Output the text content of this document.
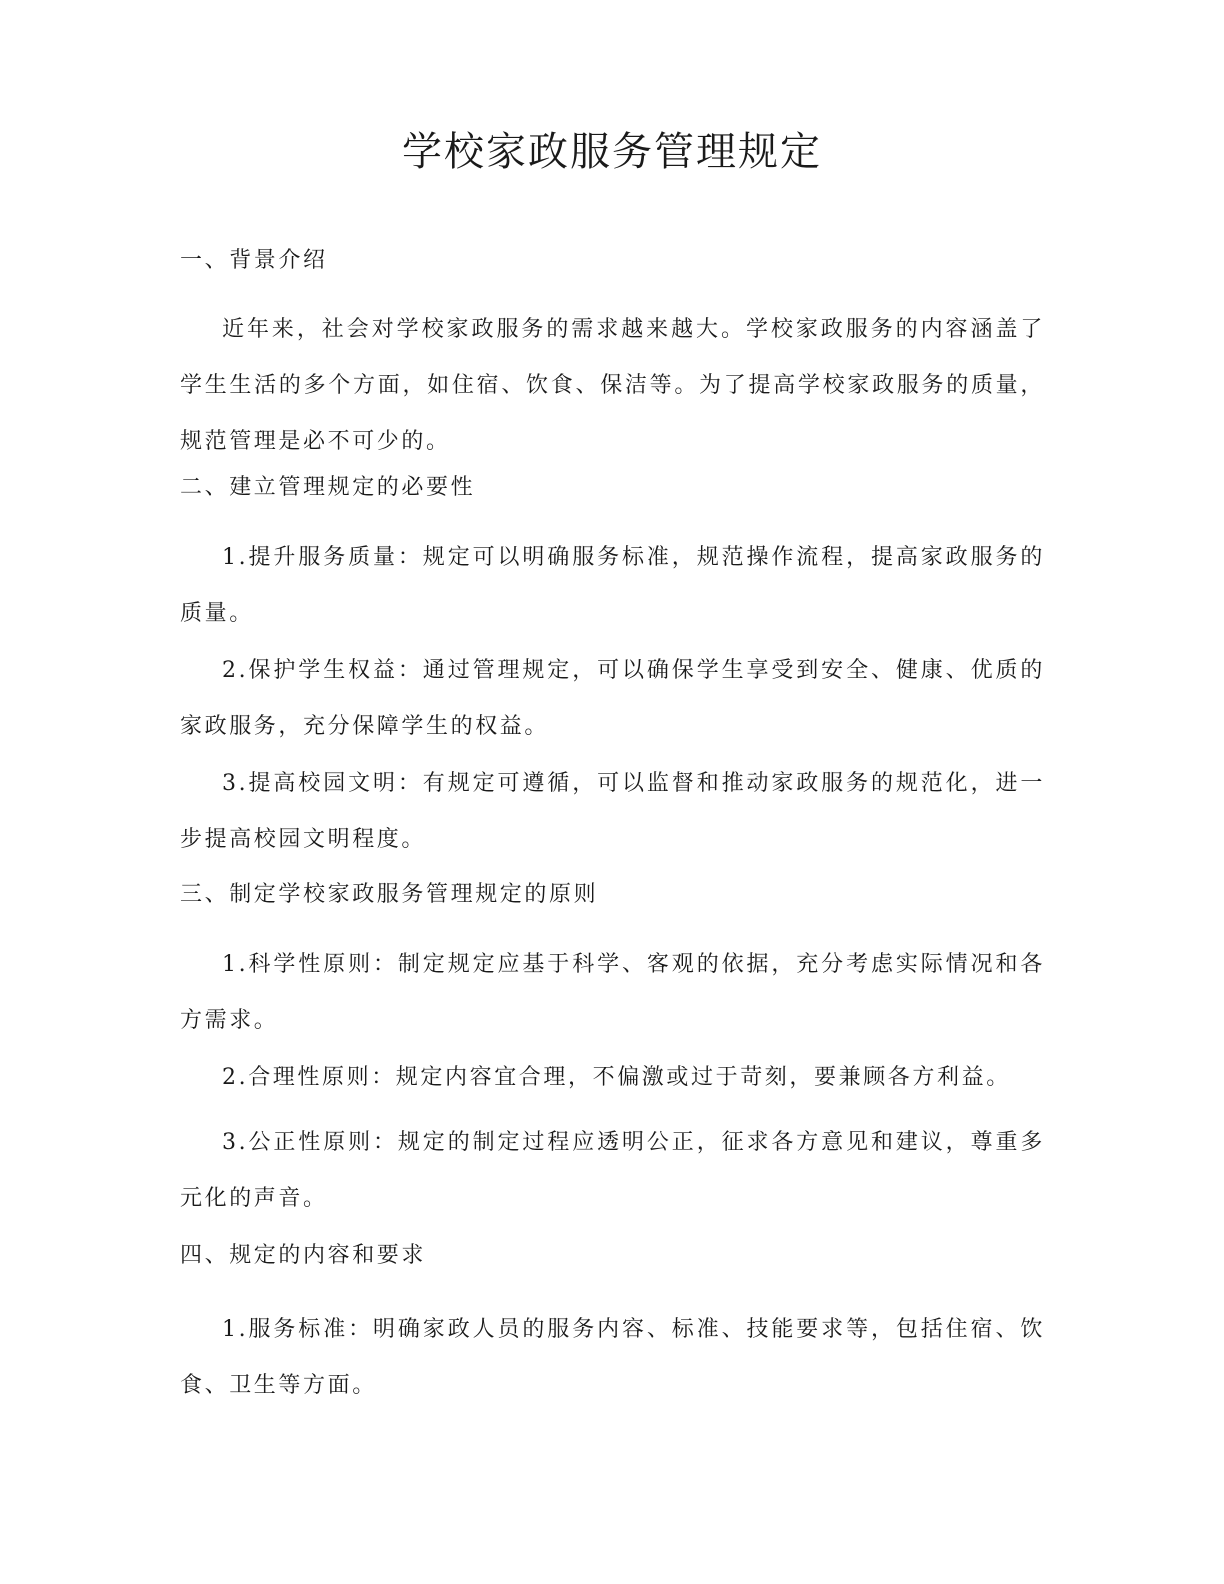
学校家政服务管理规定
一、背景介绍

近年来，社会对学校家政服务的需求越来越大。学校家政服务的内容涵盖了学生生活的多个方面，如住宿、饮食、保洁等。为了提高学校家政服务的质量，规范管理是必不可少的。

二、建立管理规定的必要性

1.提升服务质量：规定可以明确服务标准，规范操作流程，提高家政服务的质量。

2.保护学生权益：通过管理规定，可以确保学生享受到安全、健康、优质的家政服务，充分保障学生的权益。

3.提高校园文明：有规定可遵循，可以监督和推动家政服务的规范化，进一步提高校园文明程度。

三、制定学校家政服务管理规定的原则

1.科学性原则：制定规定应基于科学、客观的依据，充分考虑实际情况和各方需求。

2.合理性原则：规定内容宜合理，不偏激或过于苛刻，要兼顾各方利益。

3.公正性原则：规定的制定过程应透明公正，征求各方意见和建议，尊重多元化的声音。

四、规定的内容和要求

1.服务标准：明确家政人员的服务内容、标准、技能要求等，包括住宿、饮食、卫生等方面。
